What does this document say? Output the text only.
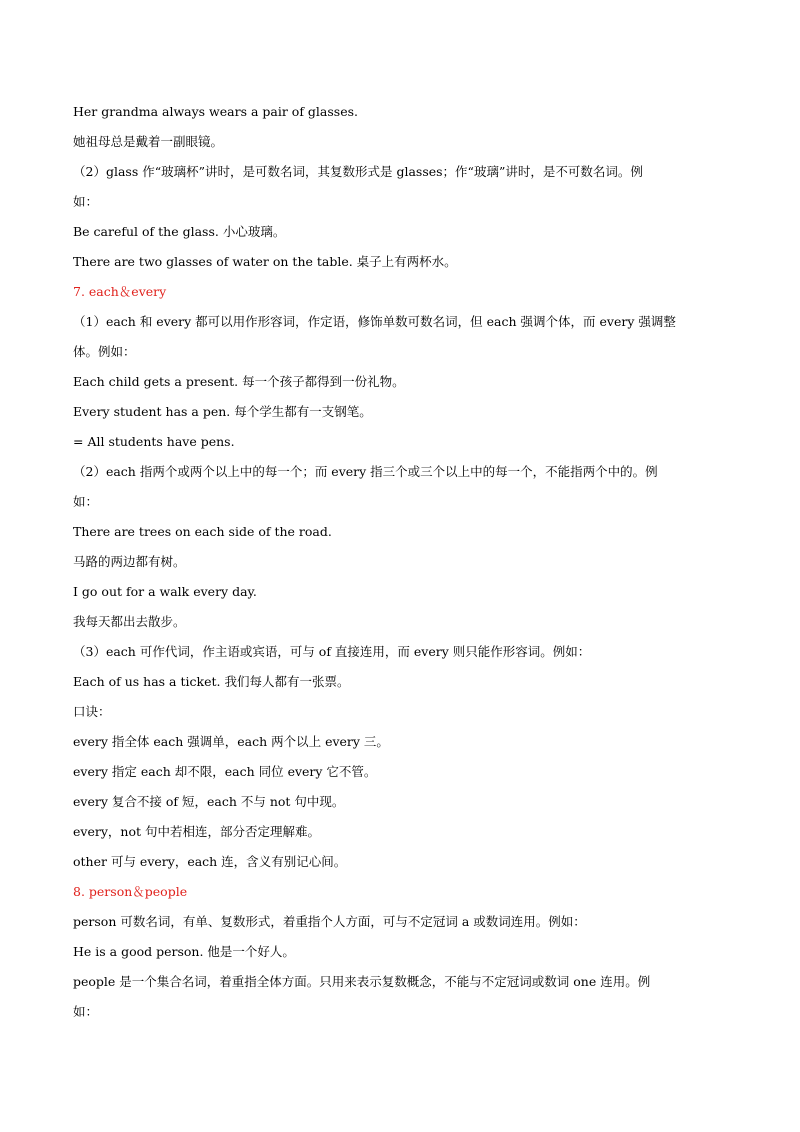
Her grandma always wears a pair of glasses.
她祖母总是戴着一副眼镜。
（2）glass 作“玻璃杯”讲时，是可数名词，其复数形式是 glasses；作“玻璃”讲时，是不可数名词。例
如：
Be careful of the glass. 小心玻璃。
There are two glasses of water on the table. 桌子上有两杯水。
7. each＆every
（1）each 和 every 都可以用作形容词，作定语，修饰单数可数名词，但 each 强调个体，而 every 强调整
体。例如：
Each child gets a present. 每一个孩子都得到一份礼物。
Every student has a pen. 每个学生都有一支钢笔。
= All students have pens.
（2）each 指两个或两个以上中的每一个；而 every 指三个或三个以上中的每一个，不能指两个中的。例
如：
There are trees on each side of the road.
马路的两边都有树。
I go out for a walk every day.
我每天都出去散步。
（3）each 可作代词，作主语或宾语，可与 of 直接连用，而 every 则只能作形容词。例如：
Each of us has a ticket. 我们每人都有一张票。
口诀：
every 指全体 each 强调单，each 两个以上 every 三。
every 指定 each 却不限，each 同位 every 它不管。
every 复合不接 of 短，each 不与 not 句中现。
every，not 句中若相连，部分否定理解难。
other 可与 every，each 连，含义有别记心间。
8. person＆people
person 可数名词，有单、复数形式，着重指个人方面，可与不定冠词 a 或数词连用。例如：
He is a good person. 他是一个好人。
people 是一个集合名词，着重指全体方面。只用来表示复数概念，不能与不定冠词或数词 one 连用。例
如：
